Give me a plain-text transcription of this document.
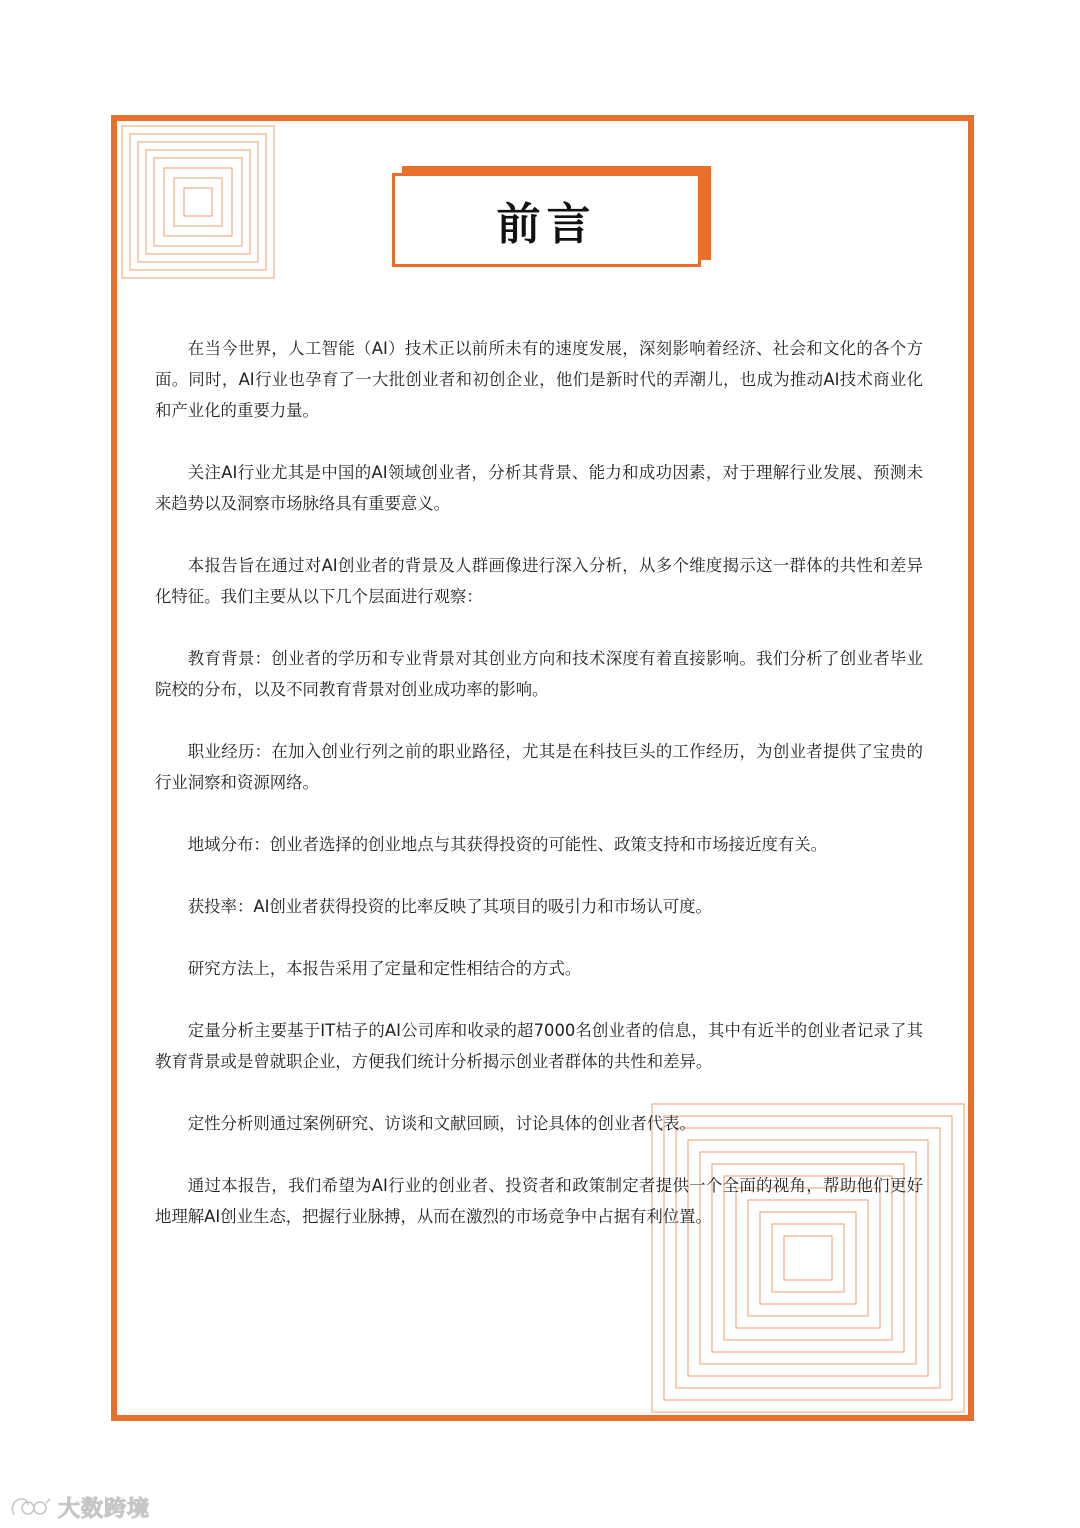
前言

在当今世界，人工智能（AI）技术正以前所未有的速度发展，深刻影响着经济、社会和文化的各个方面。同时，AI行业也孕育了一大批创业者和初创企业，他们是新时代的弄潮儿，也成为推动AI技术商业化和产业化的重要力量。

关注AI行业尤其是中国的AI领域创业者，分析其背景、能力和成功因素，对于理解行业发展、预测未来趋势以及洞察市场脉络具有重要意义。

本报告旨在通过对AI创业者的背景及人群画像进行深入分析，从多个维度揭示这一群体的共性和差异化特征。我们主要从以下几个层面进行观察：

教育背景：创业者的学历和专业背景对其创业方向和技术深度有着直接影响。我们分析了创业者毕业院校的分布，以及不同教育背景对创业成功率的影响。

职业经历：在加入创业行列之前的职业路径，尤其是在科技巨头的工作经历，为创业者提供了宝贵的行业洞察和资源网络。

地域分布：创业者选择的创业地点与其获得投资的可能性、政策支持和市场接近度有关。

获投率：AI创业者获得投资的比率反映了其项目的吸引力和市场认可度。

研究方法上，本报告采用了定量和定性相结合的方式。

定量分析主要基于IT桔子的AI公司库和收录的超7000名创业者的信息，其中有近半的创业者记录了其教育背景或是曾就职企业，方便我们统计分析揭示创业者群体的共性和差异。

定性分析则通过案例研究、访谈和文献回顾，讨论具体的创业者代表。

通过本报告，我们希望为AI行业的创业者、投资者和政策制定者提供一个全面的视角，帮助他们更好地理解AI创业生态，把握行业脉搏，从而在激烈的市场竞争中占据有利位置。

大数跨境
